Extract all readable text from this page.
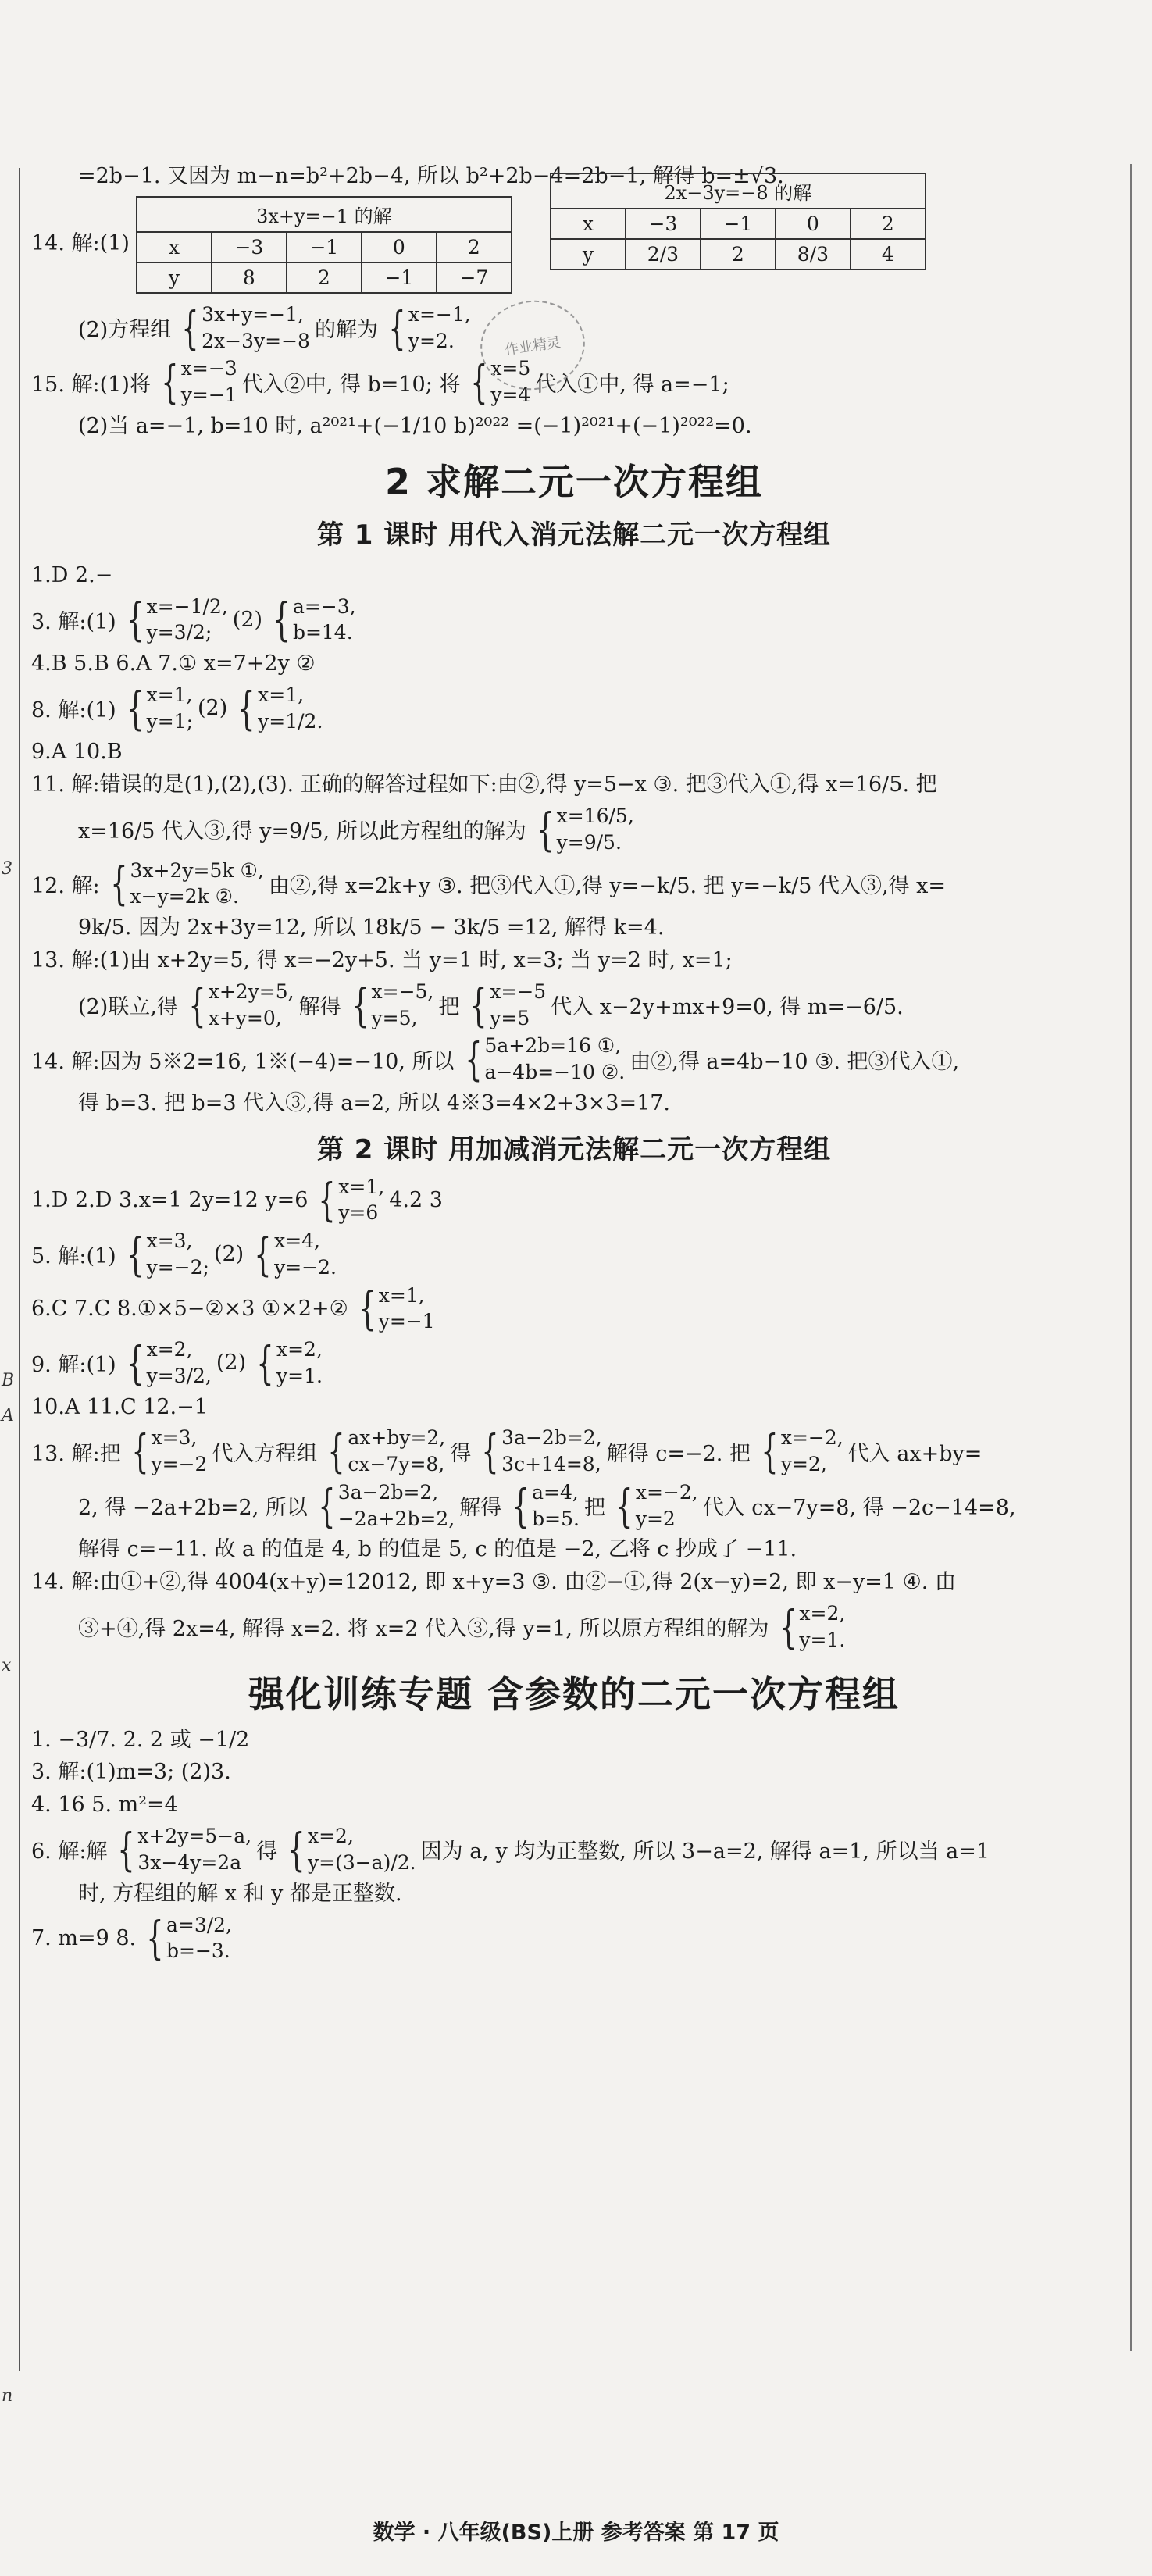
3
B
A
x
n

=2b−1. 又因为 m−n=b²+2b−4, 所以 b²+2b−4=2b−1, 解得 b=±√3.

14. 解:(1)
3x+y=−1 的解				
x	−3	−1	0	2
y	8	2	−1	−7
2x−3y=−8 的解				
x	−3	−1	0	2
y	2/3	2	8/3	4
(2)方程组 { 3x+y=−1,
2x−3y=−8 的解为 { x=−1,
y=2.
15. 解:(1)将 { x=−3
y=−1 代入②中, 得 b=10; 将 { x=5
y=4 代入①中, 得 a=−1;

(2)当 a=−1, b=10 时, a²⁰²¹+(−1/10 b)²⁰²² =(−1)²⁰²¹+(−1)²⁰²²=0.

2 求解二元一次方程组
第 1 课时 用代入消元法解二元一次方程组

1.D 2.−

3. 解:(1) { x=−1/2,
y=3/2;
(2) { a=−3,
b=14.

4.B 5.B 6.A 7.① x=7+2y ②

8. 解:(1) { x=1,
y=1;
(2) { x=1,
y=1/2.

9.A 10.B

11. 解:错误的是(1),(2),(3). 正确的解答过程如下:由②,得 y=5−x ③. 把③代入①,得 x=16/5. 把

x=16/5 代入③,得 y=9/5, 所以此方程组的解为 { x=16/5,
y=9/5.
12. 解: { 3x+2y=5k ①,
x−y=2k ②.	由②,得 x=2k+y ③. 把③代入①,得 y=−k/5. 把 y=−k/5 代入③,得 x=

9k/5. 因为 2x+3y=12, 所以 18k/5 − 3k/5 =12, 解得 k=4.

13. 解:(1)由 x+2y=5, 得 x=−2y+5. 当 y=1 时, x=3; 当 y=2 时, x=1;

(2)联立,得 { x+2y=5,
x+y=0, 解得 { x=−5,
y=5, 把 { x=−5
y=5 代入 x−2y+mx+9=0, 得 m=−6/5.
14. 解:因为 5※2=16, 1※(−4)=−10, 所以 { 5a+2b=16 ①,
a−4b=−10 ②. 由②,得 a=4b−10 ③. 把③代入①,

得 b=3. 把 b=3 代入③,得 a=2, 所以 4※3=4×2+3×3=17.

第 2 课时 用加减消元法解二元一次方程组
1.D 2.D 3.x=1 2y=12 y=6 { x=1,
y=6
4.2 3
5. 解:(1) { x=3,
y=−2;
(2) { x=4,
y=−2.
6.C 7.C 8.①×5−②×3 ①×2+② { x=1,
y=−1
9. 解:(1) { x=2,
y=3/2,
(2) { x=2,
y=1.

10.A 11.C 12.−1

13. 解:把 { x=3,
y=−2 代入方程组 { ax+by=2,
cx−7y=8, 得 { 3a−2b=2,
3c+14=8, 解得 c=−2. 把 { x=−2,
y=2, 代入 ax+by=
2, 得 −2a+2b=2, 所以 { 3a−2b=2,
−2a+2b=2, 解得 { a=4,
b=5. 把 { x=−2,
y=2	代入 cx−7y=8, 得 −2c−14=8,

解得 c=−11. 故 a 的值是 4, b 的值是 5, c 的值是 −2, 乙将 c 抄成了 −11.

14. 解:由①+②,得 4004(x+y)=12012, 即 x+y=3 ③. 由②−①,得 2(x−y)=2, 即 x−y=1 ④. 由

③+④,得 2x=4, 解得 x=2. 将 x=2 代入③,得 y=1, 所以原方程组的解为 { x=2,
y=1.
强化训练专题 含参数的二元一次方程组

1. −3/7. 2. 2 或 −1/2

3. 解:(1)m=3; (2)3.

4. 16 5. m²=4

6. 解:解 { x+2y=5−a,
3x−4y=2a 得 { x=2,
y=(3−a)/2. 因为 a, y 均为正整数, 所以 3−a=2, 解得 a=1, 所以当 a=1

时, 方程组的解 x 和 y 都是正整数.

7. m=9 8. { a=3/2,
b=−3.
作业精灵
数学 · 八年级(BS)上册 参考答案 第 17 页
